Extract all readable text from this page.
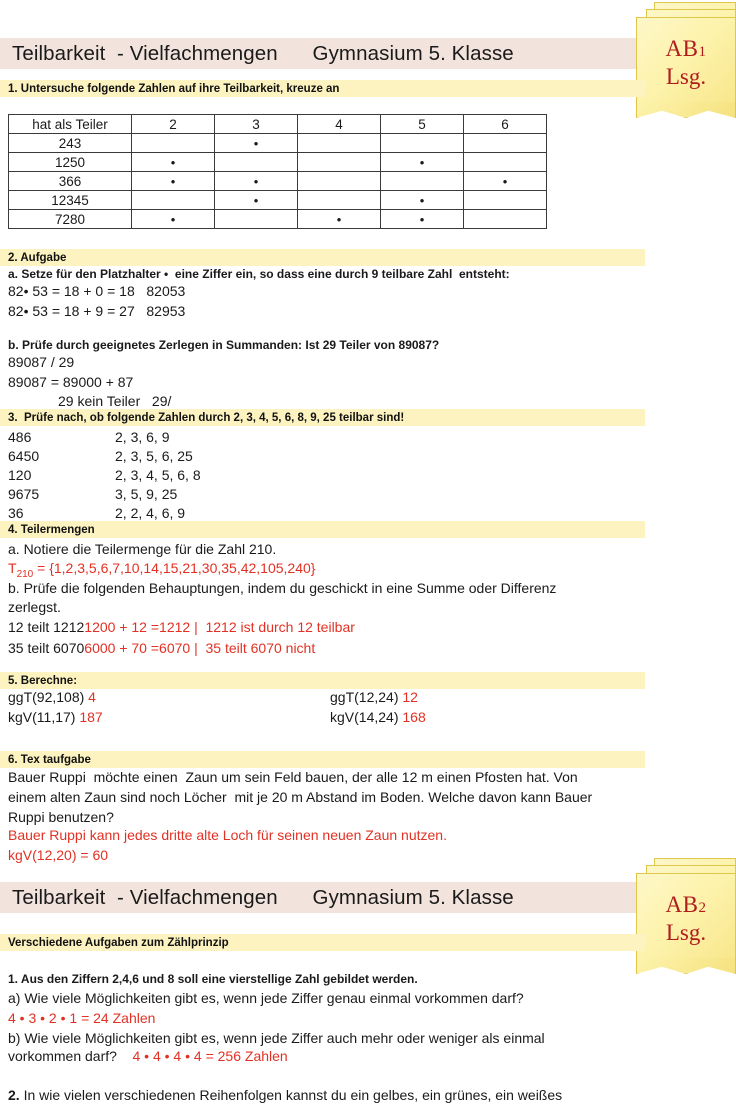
Teilbarkeit  - Vielfachmengen      Gymnasium 5. Klasse	AB1
Lsg.
1. Untersuche folgende Zahlen auf ihre Teilbarkeit, kreuze an
hat als Teiler	2	3	4	5	6
243		•			
1250	•			•	
366	•	•			•
12345		•		•	
7280	•		•	•	
2. Aufgabe
a. Setze für den Platzhalter •  eine Ziffer ein, so dass eine durch 9 teilbare Zahl  entsteht:
82• 53 = 18 + 0 = 18   82053
82• 53 = 18 + 9 = 27   82953
b. Prüfe durch geeignetes Zerlegen in Summanden: Ist 29 Teiler von 89087?
89087 / 29
89087 = 89000 + 87
29 kein Teiler   29/
3.  Prüfe nach, ob folgende Zahlen durch 2, 3, 4, 5, 6, 8, 9, 25 teilbar sind!
486	2, 3, 6, 9
6450	2, 3, 5, 6, 25
120	2, 3, 4, 5, 6, 8
9675	3, 5, 9, 25
36	2, 2, 4, 6, 9
4. Teilermengen
a. Notiere die Teilermenge für die Zahl 210.
$T_{210} = \{1,2,3,5,6,7,10,14,15,21,30,35,42,105,240\}$
b. Prüfe die folgenden Behauptungen, indem du geschickt in eine Summe oder Differenz
zerlegst.
12 teilt 12121200 + 12 =1212 |  1212 ist durch 12 teilbar
35 teilt 60706000 + 70 =6070 |  35 teilt 6070 nicht
5. Berechne:
ggT(92,108) 4
kgV(11,17) 187
ggT(12,24) 12
kgV(14,24) 168
6. Tex taufgabe
Bauer Ruppi  möchte einen  Zaun um sein Feld bauen, der alle 12 m einen Pfosten hat. Von
einem alten Zaun sind noch Löcher  mit je 20 m Abstand im Boden. Welche davon kann Bauer
Ruppi benutzen?
Bauer Ruppi kann jedes dritte alte Loch für seinen neuen Zaun nutzen.
kgV(12,20) = 60
Teilbarkeit  - Vielfachmengen      Gymnasium 5. Klasse	AB2
Lsg.
Verschiedene Aufgaben zum Zählprinzip
1. Aus den Ziffern 2,4,6 und 8 soll eine vierstellige Zahl gebildet werden.
a) Wie viele Möglichkeiten gibt es, wenn jede Ziffer genau einmal vorkommen darf?
4 • 3 • 2 • 1 = 24 Zahlen
b) Wie viele Möglichkeiten gibt es, wenn jede Ziffer auch mehr oder weniger als einmal
vorkommen darf? 4 • 4 • 4 • 4 = 256 Zahlen
2. In wie vielen verschiedenen Reihenfolgen kannst du ein gelbes, ein grünes, ein weißes
